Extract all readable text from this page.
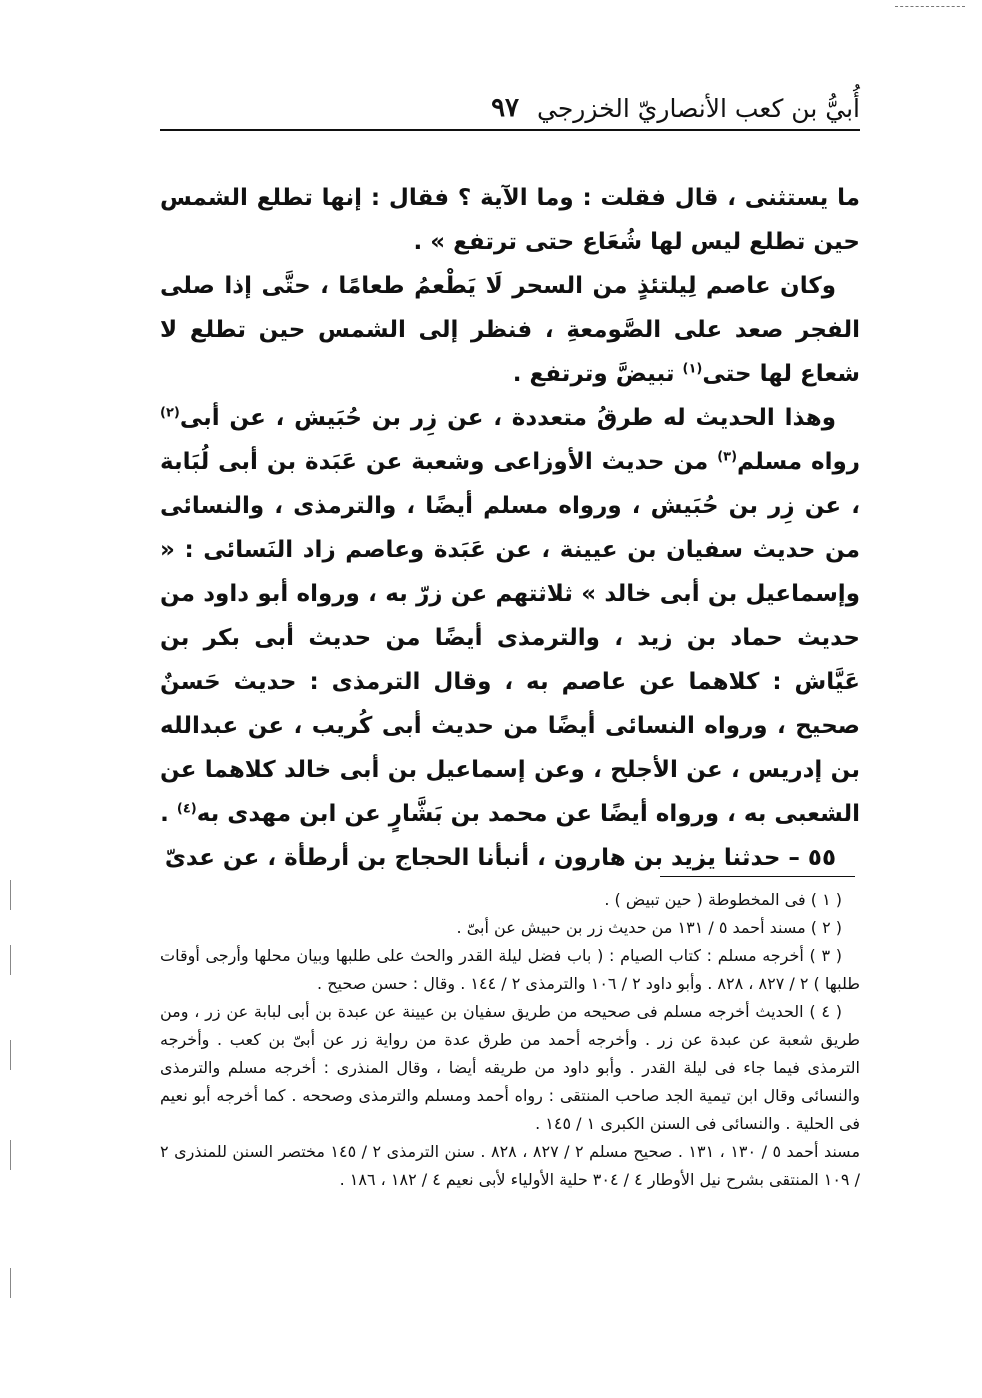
أُبيُّ بن كعب الأنصاريّ الخزرجي
٩٧

ما يستثنى ، قال فقلت : وما الآية ؟ فقال : إنها تطلع الشمس حين تطلع ليس لها شُعَاع حتى ترتفع » .

وكان عاصم لِيلتئذٍ من السحر لَا يَطْعمُ طعامًا ، حتَّى إذا صلى الفجر صعد على الصَّومعةِ ، فنظر إلى الشمس حين تطلع لا شعاع لها حتى$^{(١)}$ تبيضَّ وترتفع .

وهذا الحديث له طرقُ متعددة ، عن زِر بن حُبَيش ، عن أبى$^{(٢)}$ رواه مسلم$^{(٣)}$ من حديث الأوزاعى وشعبة عن عَبَدة بن أبى لُبَابة ، عن زِر بن حُبَيش ، ورواه مسلم أيضًا ، والترمذى ، والنسائى من حديث سفيان بن عيينة ، عن عَبَدة وعاصم زاد النَسائى : « وإسماعيل بن أبى خالد » ثلاثتهم عن زرّ به ، ورواه أبو داود من حديث حماد بن زيد ، والترمذى أيضًا من حديث أبى بكر بن عَيَّاش : كلاهما عن عاصم به ، وقال الترمذى : حديث حَسنٌ صحيح ، ورواه النسائى أيضًا من حديث أبى كُريب ، عن عبدالله بن إدريس ، عن الأجلح ، وعن إسماعيل بن أبى خالد كلاهما عن الشعبى به ، ورواه أيضًا عن محمد بن بَشَّارٍ عن ابن مهدى به$^{(٤)}$ .

٥٥ – حدثنا يزيد بن هارون ، أنبأنا الحجاج بن أرطأة ، عن عدىّ

( ١ ) فى المخطوطة ( حين تبيض ) .

( ٢ ) مسند أحمد ٥ / ١٣١ من حديث زر بن حبيش عن أبىّ .

( ٣ ) أخرجه مسلم : كتاب الصيام : ( باب فضل ليلة القدر والحث على طلبها وبيان محلها وأرجى أوقات طلبها ) ٢ / ٨٢٧ ، ٨٢٨ . وأبو داود ٢ / ١٠٦ والترمذى ٢ / ١٤٤ . وقال : حسن صحيح .

( ٤ ) الحديث أخرجه مسلم فى صحيحه من طريق سفيان بن عيينة عن عبدة بن أبى لبابة عن زر ، ومن طريق شعبة عن عبدة عن زر . وأخرجه أحمد من طرق عدة من رواية زر عن أبىّ بن كعب . وأخرجه الترمذى فيما جاء فى ليلة القدر . وأبو داود من طريقه أيضا ، وقال المنذرى : أخرجه مسلم والترمذى والنسائى وقال ابن تيمية الجد صاحب المنتقى : رواه أحمد ومسلم والترمذى وصححه . كما أخرجه أبو نعيم فى الحلية . والنسائى فى السنن الكبرى ١ / ١٤٥ .

مسند أحمد ٥ / ١٣٠ ، ١٣١ . صحيح مسلم ٢ / ٨٢٧ ، ٨٢٨ . سنن الترمذى ٢ / ١٤٥ مختصر السنن للمنذرى ٢ / ١٠٩ المنتقى بشرح نيل الأوطار ٤ / ٣٠٤ حلية الأولياء لأبى نعيم ٤ / ١٨٢ ، ١٨٦ .
